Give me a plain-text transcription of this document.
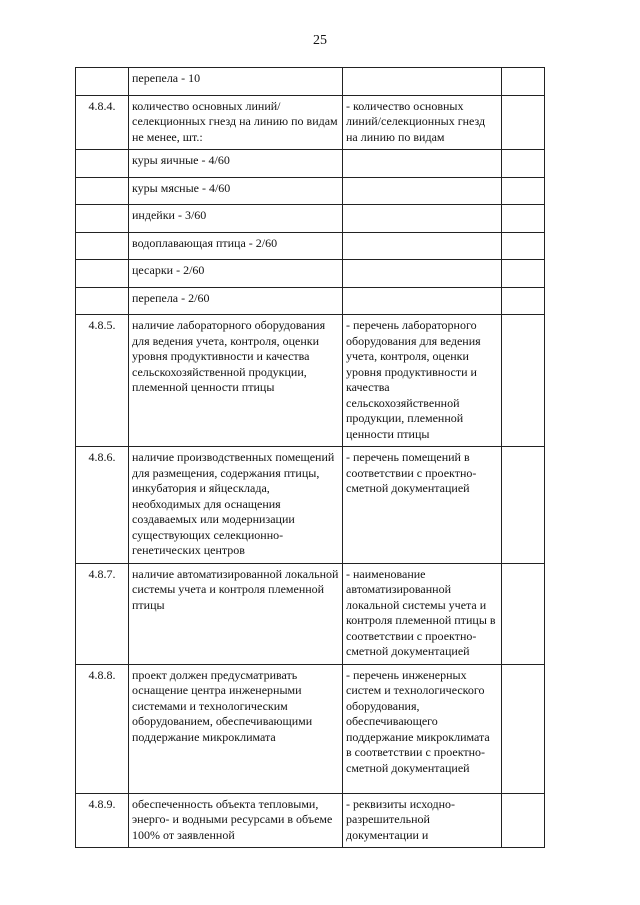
25
	перепела - 10		
4.8.4.	количество основных линий/селекционных гнезд на линию по видам не менее, шт.:	- количество основных линий/селекционных гнезд на линию по видам	
	куры яичные - 4/60		
	куры мясные - 4/60		
	индейки - 3/60		
	водоплавающая птица - 2/60		
	цесарки - 2/60		
	перепела - 2/60		
4.8.5.	наличие лабораторного оборудования для ведения учета, контроля, оценки уровня продуктивности и качества сельскохозяйственной продукции, племенной ценности птицы	- перечень лабораторного оборудования для ведения учета, контроля, оценки уровня продуктивности и качества сельскохозяйственной продукции, племенной ценности птицы	
4.8.6.	наличие производственных помещений для размещения, содержания птицы, инкубатория и яйцесклада, необходимых для оснащения создаваемых или модернизации существующих селекционно-генетических центров	- перечень помещений в соответствии с проектно-сметной документацией	
4.8.7.	наличие автоматизированной локальной системы учета и контроля племенной птицы	- наименование автоматизированной локальной системы учета и контроля племенной птицы в соответствии с проектно-сметной документацией	
4.8.8.	проект должен предусматривать оснащение центра инженерными системами и технологическим оборудованием, обеспечивающими поддержание микроклимата	- перечень инженерных систем и технологического оборудования, обеспечивающего поддержание микроклимата в соответствии с проектно-сметной документацией	
4.8.9.	обеспеченность объекта тепловыми, энерго- и водными ресурсами в объеме 100% от заявленной	- реквизиты исходно-разрешительной документации и	
